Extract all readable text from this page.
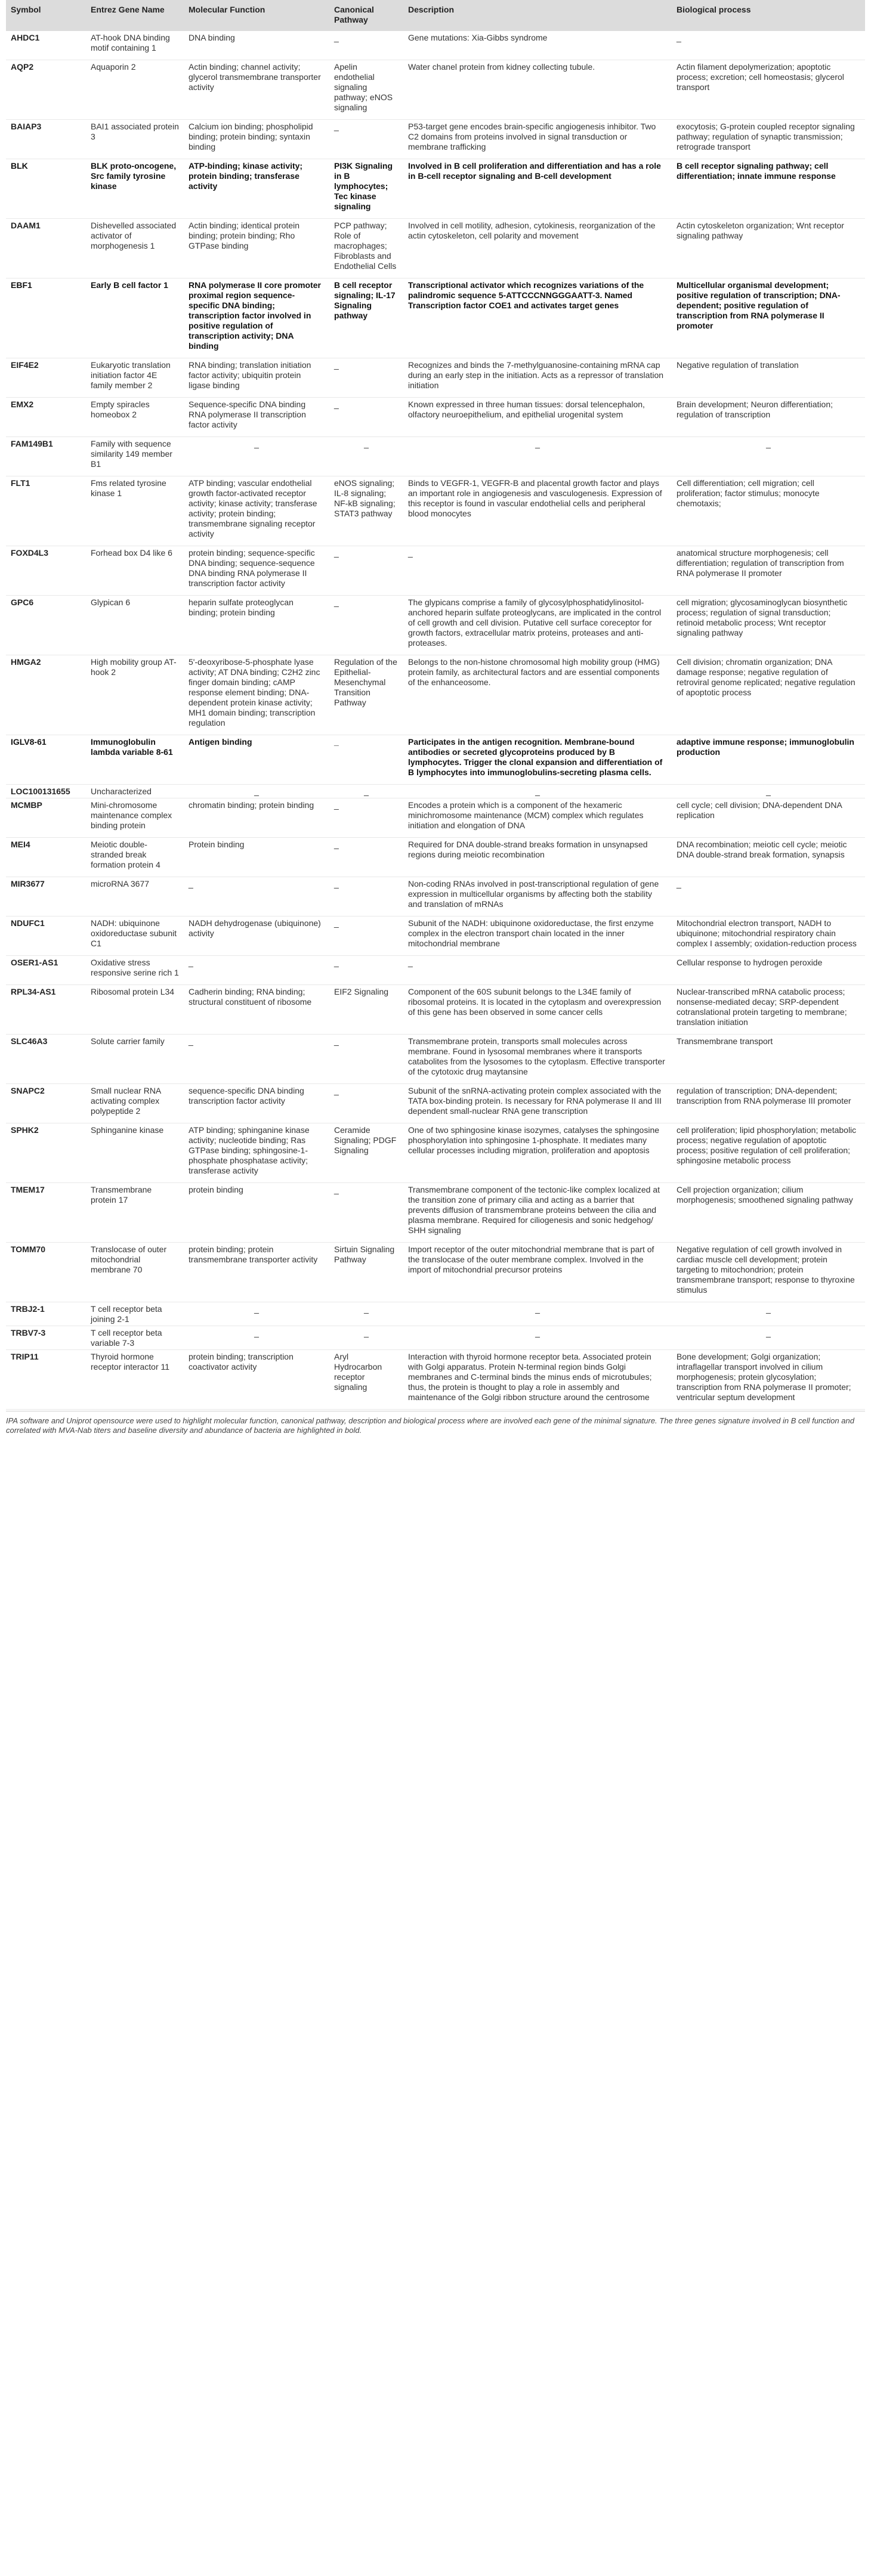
Symbol	Entrez Gene Name	Molecular Function	Canonical Pathway	Description	Biological process
AHDC1	AT-hook DNA binding motif containing 1	DNA binding	_	Gene mutations: Xia-Gibbs syndrome	_
AQP2	Aquaporin 2	Actin binding; channel activity; glycerol transmembrane transporter activity	Apelin endothelial signaling pathway; eNOS signaling	Water chanel protein from kidney collecting tubule.	Actin filament depolymerization; apoptotic process; excretion; cell homeostasis; glycerol transport
BAIAP3	BAI1 associated protein 3	Calcium ion binding; phospholipid binding; protein binding; syntaxin binding	_	P53-target gene encodes brain-specific angiogenesis inhibitor. Two C2 domains from proteins involved in signal transduction or membrane trafficking	exocytosis; G-protein coupled receptor signaling pathway; regulation of synaptic transmission; retrograde transport
BLK	BLK proto-oncogene, Src family tyrosine kinase	ATP-binding; kinase activity; protein binding; transferase activity	PI3K Signaling in B lymphocytes; Tec kinase signaling	Involved in B cell proliferation and differentiation and has a role in B-cell receptor signaling and B-cell development	B cell receptor signaling pathway; cell differentiation; innate immune response
DAAM1	Dishevelled associated activator of morphogenesis 1	Actin binding; identical protein binding; protein binding; Rho GTPase binding	PCP pathway; Role of macrophages; Fibroblasts and Endothelial Cells	Involved in cell motility, adhesion, cytokinesis, reorganization of the actin cytoskeleton, cell polarity and movement	Actin cytoskeleton organization; Wnt receptor signaling pathway
EBF1	Early B cell factor 1	RNA polymerase II core promoter proximal region sequence-specific DNA binding; transcription factor involved in positive regulation of transcription activity; DNA binding	B cell receptor signaling; IL-17 Signaling pathway	Transcriptional activator which recognizes variations of the palindromic sequence 5-ATTCCCNNGGGAATT-3. Named Transcription factor COE1 and activates target genes	Multicellular organismal development; positive regulation of transcription; DNA-dependent; positive regulation of transcription from RNA polymerase II promoter
EIF4E2	Eukaryotic translation initiation factor 4E family member 2	RNA binding; translation initiation factor activity; ubiquitin protein ligase binding	_	Recognizes and binds the 7-methylguanosine-containing mRNA cap during an early step in the initiation. Acts as a repressor of translation initiation	Negative regulation of translation
EMX2	Empty spiracles homeobox 2	Sequence-specific DNA binding RNA polymerase II transcription factor activity	_	Known expressed in three human tissues: dorsal telencephalon, olfactory neuroepithelium, and epithelial urogenital system	Brain development; Neuron differentiation; regulation of transcription
FAM149B1	Family with sequence similarity 149 member B1	_	_	_	_
FLT1	Fms related tyrosine kinase 1	ATP binding; vascular endothelial growth factor-activated receptor activity; kinase activity; transferase activity; protein binding; transmembrane signaling receptor activity	eNOS signaling; IL-8 signaling; NF-kB signaling; STAT3 pathway	Binds to VEGFR-1, VEGFR-B and placental growth factor and plays an important role in angiogenesis and vasculogenesis. Expression of this receptor is found in vascular endothelial cells and peripheral blood monocytes	Cell differentiation; cell migration; cell proliferation; factor stimulus; monocyte chemotaxis;
FOXD4L3	Forhead box D4 like 6	protein binding; sequence-specific DNA binding; sequence-sequence DNA binding RNA polymerase II transcription factor activity	_	_	anatomical structure morphogenesis; cell differentiation; regulation of transcription from RNA polymerase II promoter
GPC6	Glypican 6	heparin sulfate proteoglycan binding; protein binding	_	The glypicans comprise a family of glycosylphosphatidylinositol-anchored heparin sulfate proteoglycans, are implicated in the control of cell growth and cell division. Putative cell surface coreceptor for growth factors, extracellular matrix proteins, proteases and anti-proteases.	cell migration; glycosaminoglycan biosynthetic process; regulation of signal transduction; retinoid metabolic process; Wnt receptor signaling pathway
HMGA2	High mobility group AT-hook 2	5'-deoxyribose-5-phosphate lyase activity; AT DNA binding; C2H2 zinc finger domain binding; cAMP response element binding; DNA-dependent protein kinase activity; MH1 domain binding; transcription regulation	Regulation of the Epithelial-Mesenchymal Transition Pathway	Belongs to the non-histone chromosomal high mobility group (HMG) protein family, as architectural factors and are essential components of the enhanceosome.	Cell division; chromatin organization; DNA damage response; negative regulation of retroviral genome replicated; negative regulation of apoptotic process
IGLV8-61	Immunoglobulin lambda variable 8-61	Antigen binding	_	Participates in the antigen recognition. Membrane-bound antibodies or secreted glycoproteins produced by B lymphocytes. Trigger the clonal expansion and differentiation of B lymphocytes into immunoglobulins-secreting plasma cells.	adaptive immune response; immunoglobulin production
LOC100131655	Uncharacterized	_	_	_	_
MCMBP	Mini-chromosome maintenance complex binding protein	chromatin binding; protein binding	_	Encodes a protein which is a component of the hexameric minichromosome maintenance (MCM) complex which regulates initiation and elongation of DNA	cell cycle; cell division; DNA-dependent DNA replication
MEI4	Meiotic double-stranded break formation protein 4	Protein binding	_	Required for DNA double-strand breaks formation in unsynapsed regions during meiotic recombination	DNA recombination; meiotic cell cycle; meiotic DNA double-strand break formation, synapsis
MIR3677	microRNA 3677	_	_	Non-coding RNAs involved in post-transcriptional regulation of gene expression in multicellular organisms by affecting both the stability and translation of mRNAs	_
NDUFC1	NADH: ubiquinone oxidoreductase subunit C1	NADH dehydrogenase (ubiquinone) activity	_	Subunit of the NADH: ubiquinone oxidoreductase, the first enzyme complex in the electron transport chain located in the inner mitochondrial membrane	Mitochondrial electron transport, NADH to ubiquinone; mitochondrial respiratory chain complex I assembly; oxidation-reduction process
OSER1-AS1	Oxidative stress responsive serine rich 1	_	_	_	Cellular response to hydrogen peroxide
RPL34-AS1	Ribosomal protein L34	Cadherin binding; RNA binding; structural constituent of ribosome	EIF2 Signaling	Component of the 60S subunit belongs to the L34E family of ribosomal proteins. It is located in the cytoplasm and overexpression of this gene has been observed in some cancer cells	Nuclear-transcribed mRNA catabolic process; nonsense-mediated decay; SRP-dependent cotranslational protein targeting to membrane; translation initiation
SLC46A3	Solute carrier family	_	_	Transmembrane protein, transports small molecules across membrane. Found in lysosomal membranes where it transports catabolites from the lysosomes to the cytoplasm. Effective transporter of the cytotoxic drug maytansine	Transmembrane transport
SNAPC2	Small nuclear RNA activating complex polypeptide 2	sequence-specific DNA binding transcription factor activity	_	Subunit of the snRNA-activating protein complex associated with the TATA box-binding protein. Is necessary for RNA polymerase II and III dependent small-nuclear RNA gene transcription	regulation of transcription; DNA-dependent; transcription from RNA polymerase III promoter
SPHK2	Sphinganine kinase	ATP binding; sphinganine kinase activity; nucleotide binding; Ras GTPase binding; sphingosine-1-phosphate phosphatase activity; transferase activity	Ceramide Signaling; PDGF Signaling	One of two sphingosine kinase isozymes, catalyses the sphingosine phosphorylation into sphingosine 1-phosphate. It mediates many cellular processes including migration, proliferation and apoptosis	cell proliferation; lipid phosphorylation; metabolic process; negative regulation of apoptotic process; positive regulation of cell proliferation; sphingosine metabolic process
TMEM17	Transmembrane protein 17	protein binding	_	Transmembrane component of the tectonic-like complex localized at the transition zone of primary cilia and acting as a barrier that prevents diffusion of transmembrane proteins between the cilia and plasma membrane. Required for ciliogenesis and sonic hedgehog/ SHH signaling	Cell projection organization; cilium morphogenesis; smoothened signaling pathway
TOMM70	Translocase of outer mitochondrial membrane 70	protein binding; protein transmembrane transporter activity	Sirtuin Signaling Pathway	Import receptor of the outer mitochondrial membrane that is part of the translocase of the outer membrane complex. Involved in the import of mitochondrial precursor proteins	Negative regulation of cell growth involved in cardiac muscle cell development; protein targeting to mitochondrion; protein transmembrane transport; response to thyroxine stimulus
TRBJ2-1	T cell receptor beta joining 2-1	_	_	_	_
TRBV7-3	T cell receptor beta variable 7-3	_	_	_	_
TRIP11	Thyroid hormone receptor interactor 11	protein binding; transcription coactivator activity	Aryl Hydrocarbon receptor signaling	Interaction with thyroid hormone receptor beta. Associated protein with Golgi apparatus. Protein N-terminal region binds Golgi membranes and C-terminal binds the minus ends of microtubules; thus, the protein is thought to play a role in assembly and maintenance of the Golgi ribbon structure around the centrosome	Bone development; Golgi organization; intraflagellar transport involved in cilium morphogenesis; protein glycosylation; transcription from RNA polymerase II promoter; ventricular septum development
IPA software and Uniprot opensource were used to highlight molecular function, canonical pathway, description and biological process where are involved each gene of the minimal signature. The three genes signature involved in B cell function and correlated with MVA-Nab titers and baseline diversity and abundance of bacteria are highlighted in bold.
